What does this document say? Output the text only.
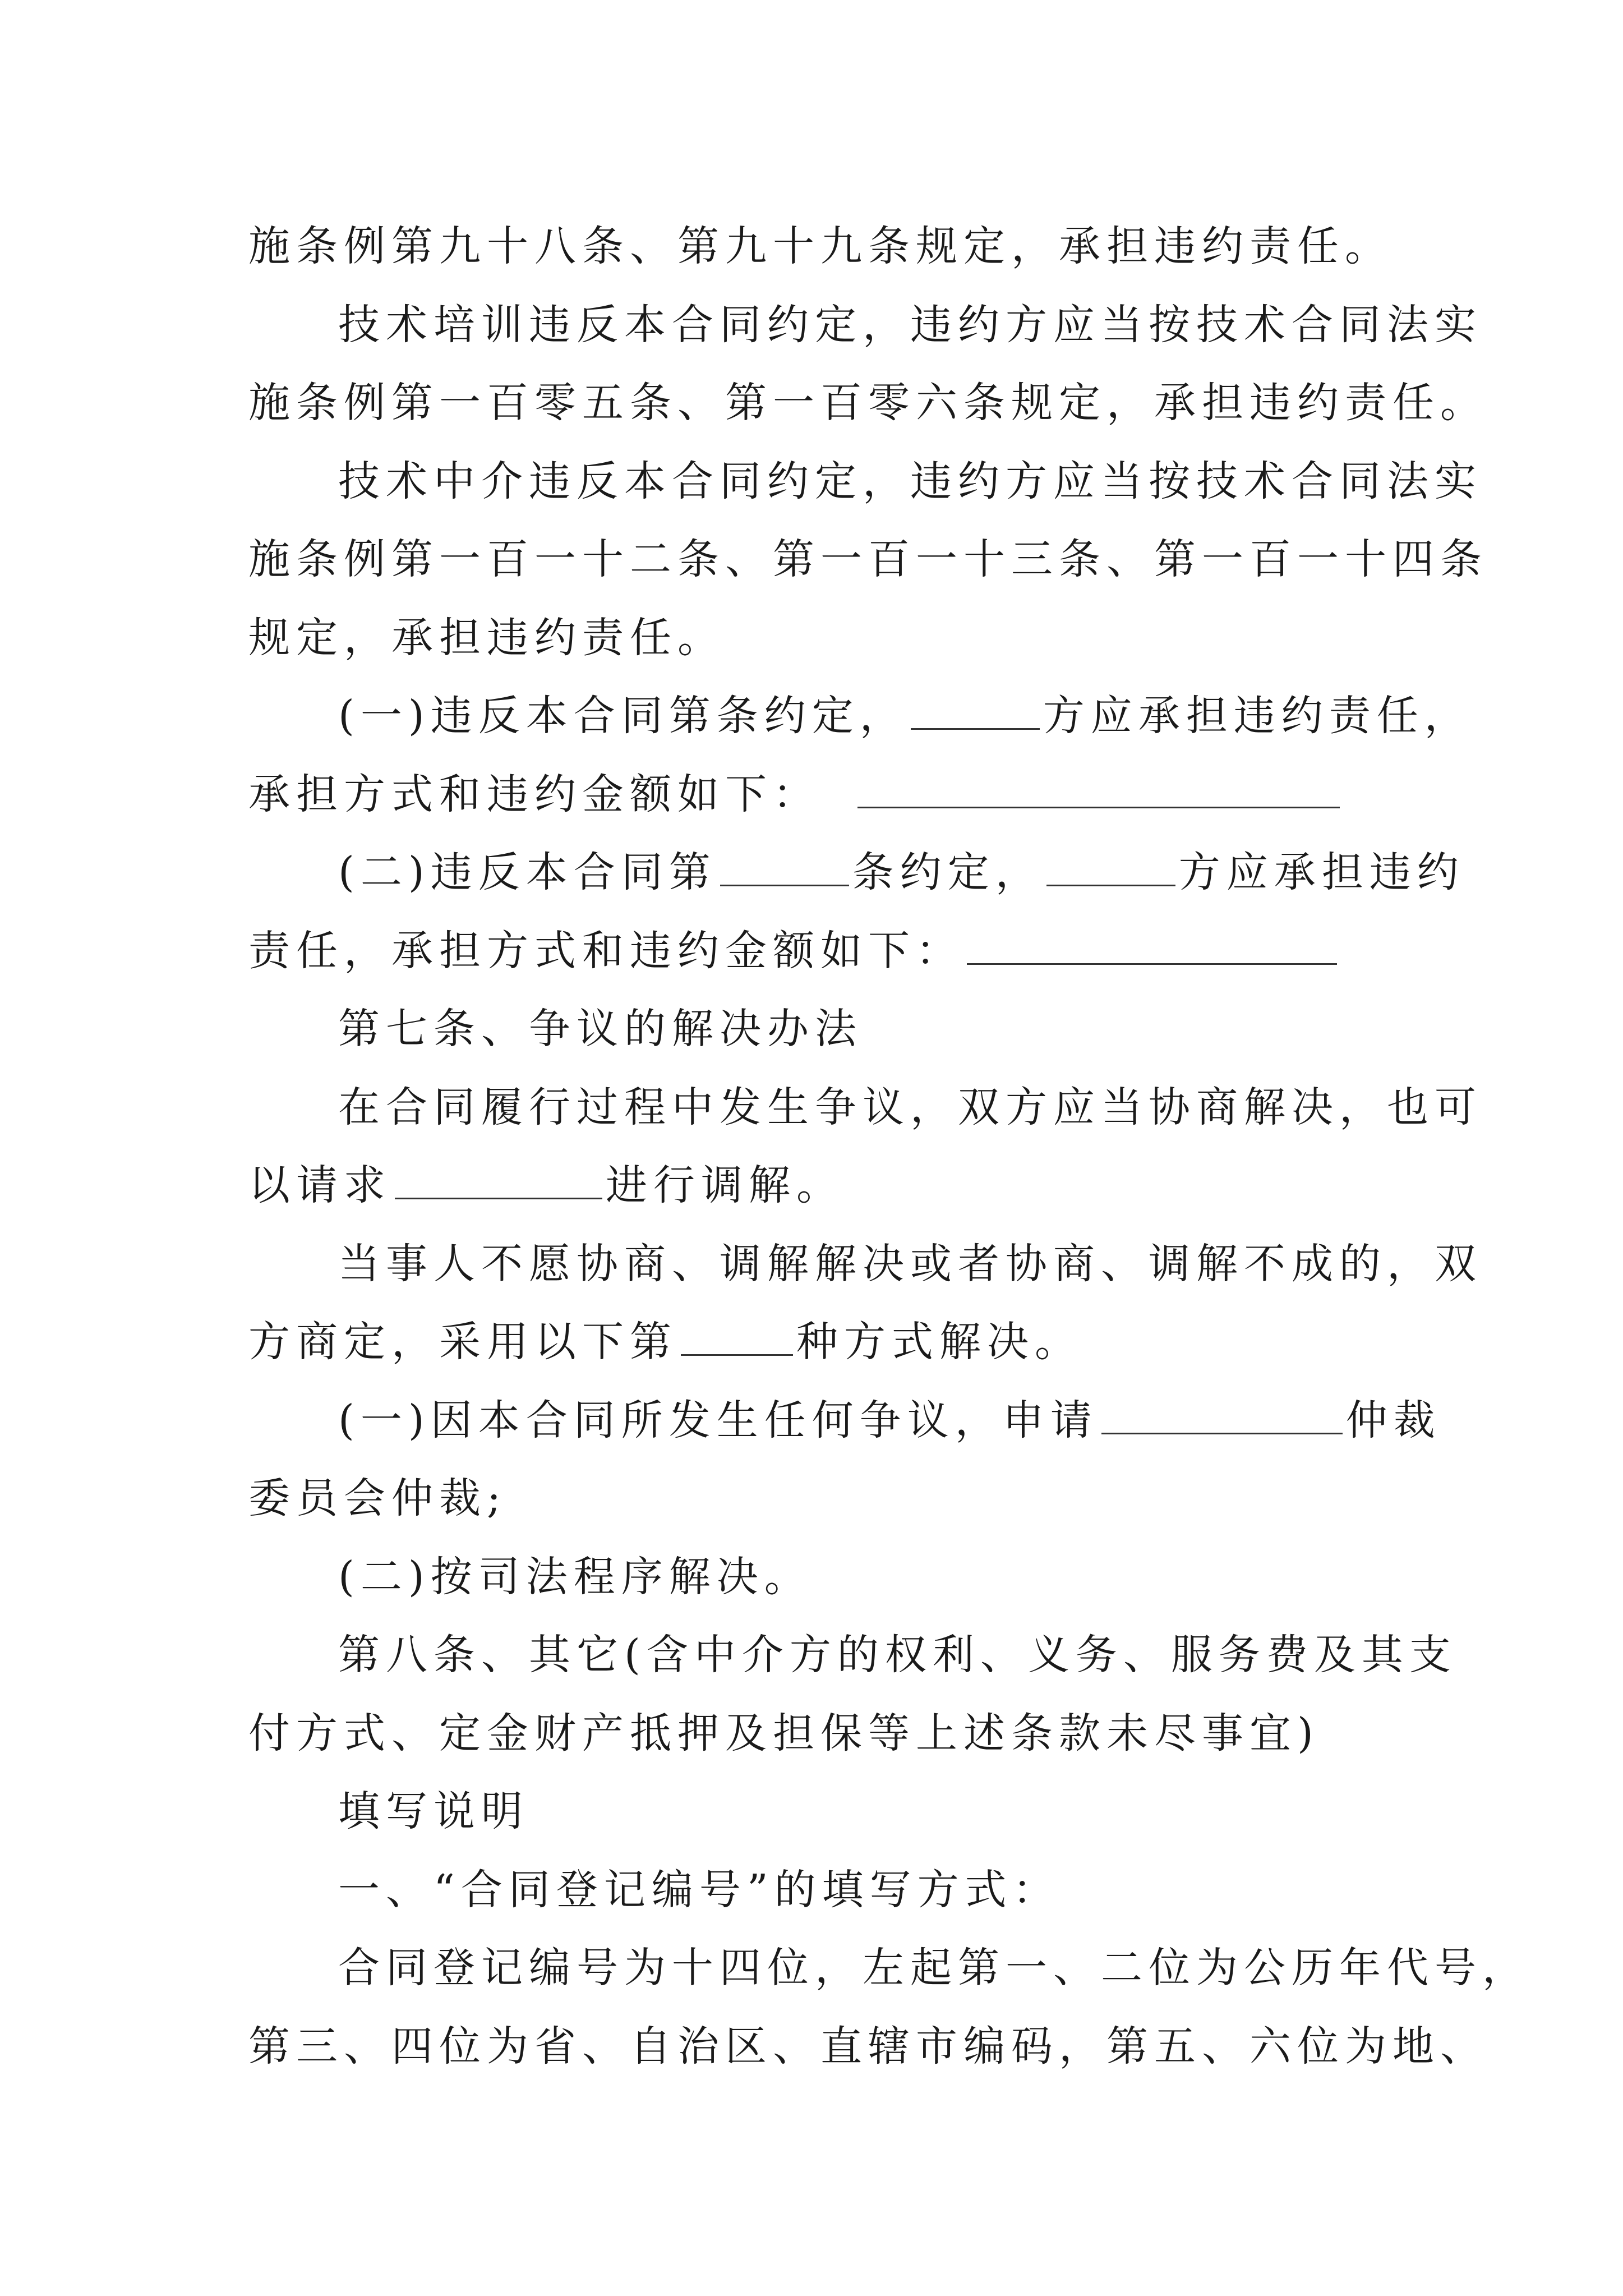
施条例第九十八条、第九十九条规定，承担违约责任。
技术培训违反本合同约定，违约方应当按技术合同法实
施条例第一百零五条、第一百零六条规定，承担违约责任。
技术中介违反本合同约定，违约方应当按技术合同法实
施条例第一百一十二条、第一百一十三条、第一百一十四条
规定，承担违约责任。
(一)违反本合同第条约定，	方应承担违约责任，
承担方式和违约金额如下：
(二)违反本合同第	条约定，	方应承担违约
责任，承担方式和违约金额如下：
第七条、争议的解决办法
在合同履行过程中发生争议，双方应当协商解决，也可
以请求	进行调解。
当事人不愿协商、调解解决或者协商、调解不成的，双
方商定，采用以下第	种方式解决。
(一)因本合同所发生任何争议，申请	仲裁
委员会仲裁;
(二)按司法程序解决。
第八条、其它(含中介方的权利、义务、服务费及其支
付方式、定金财产抵押及担保等上述条款未尽事宜)
填写说明
一、“合同登记编号”的填写方式：
合同登记编号为十四位，左起第一、二位为公历年代号，
第三、四位为省、自治区、直辖市编码，第五、六位为地、
